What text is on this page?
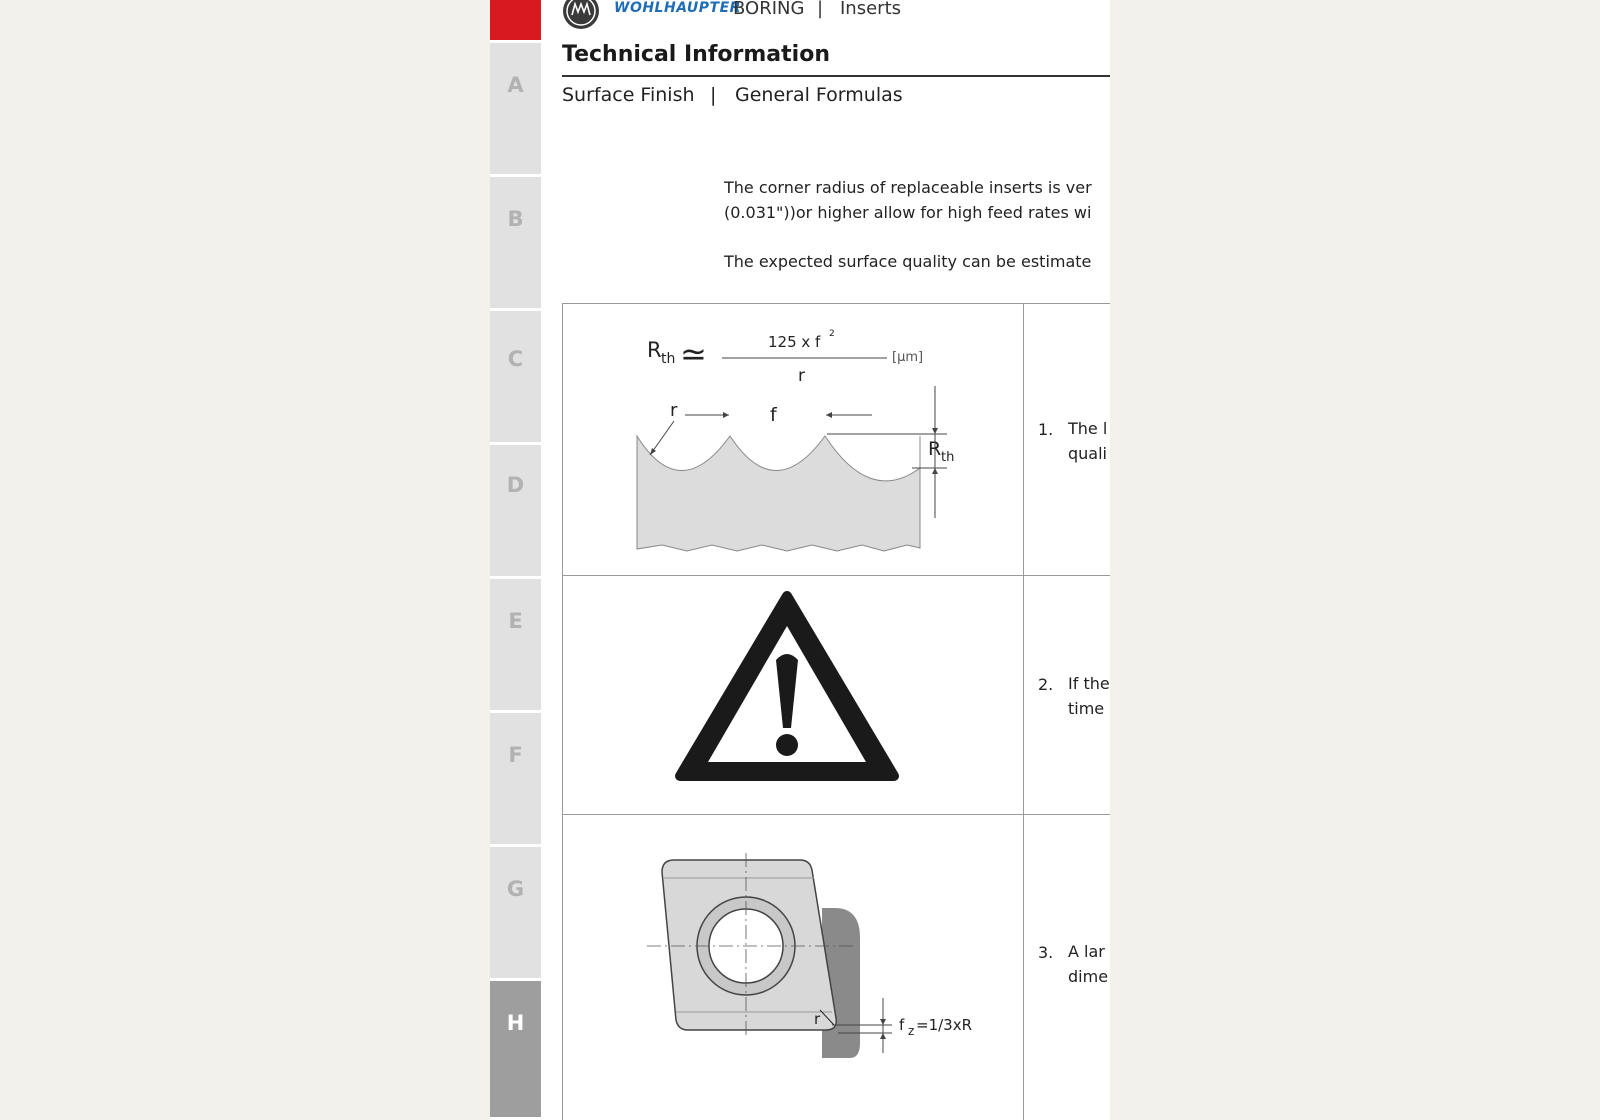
A
B
C
D
E
F
G
H
WOHLHAUPTER
BORING | Inserts
Technical Information
Surface Finish | General Formulas
The corner radius of replaceable inserts is ver
(0.031"))or higher allow for high feed rates wi
The expected surface quality can be estimate
R th ≃	125 x f 2
r
[μm]
r	f
R th
1. The l
quali
2. If the
time
r	f z =1/3xR
3. A lar
dime
